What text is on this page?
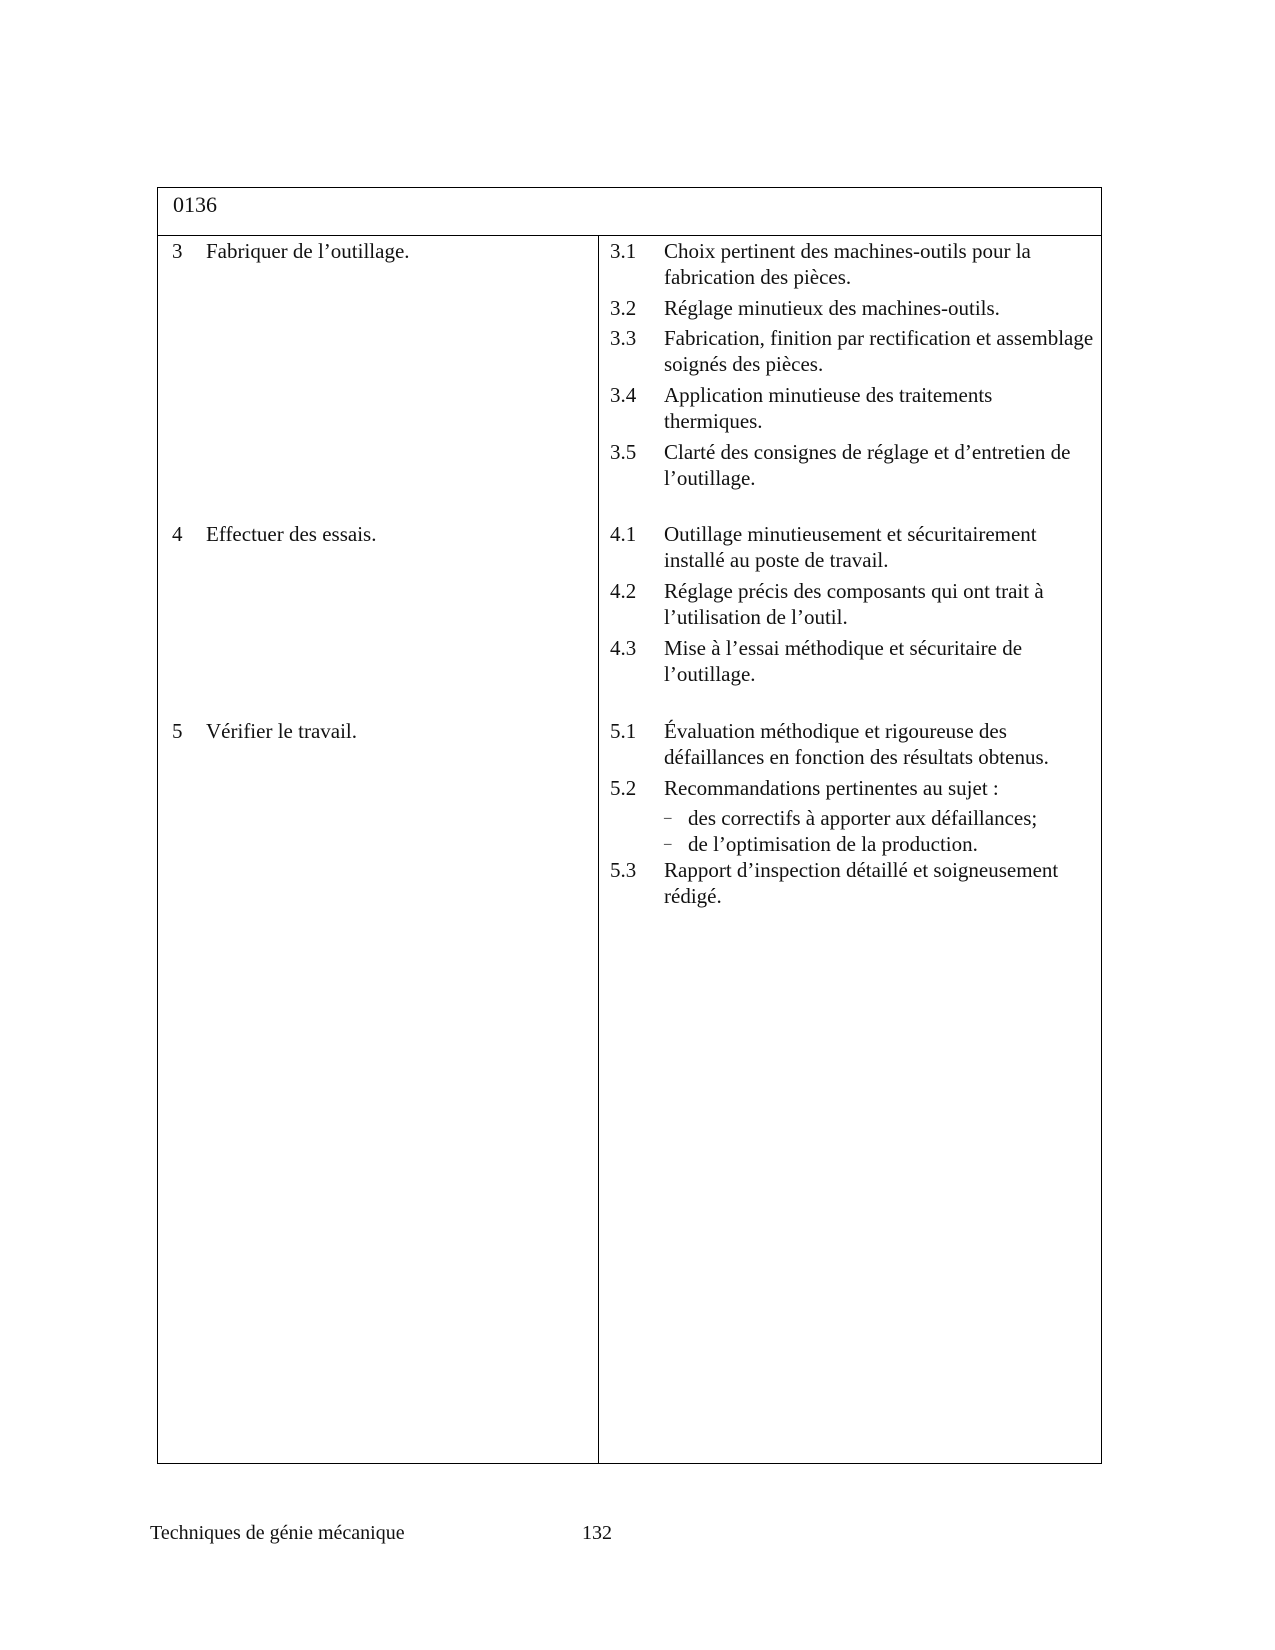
0136
3	Fabriquer de l’outillage.	3.1	Choix pertinent des machines-outils pour la fabrication des pièces.
3.2	Réglage minutieux des machines-outils.
3.3	Fabrication, finition par rectification et assemblage soignés des pièces.
3.4	Application minutieuse des traitements thermiques.
3.5	Clarté des consignes de réglage et d’entretien de l’outillage.
4	Effectuer des essais.	4.1	Outillage minutieusement et sécuritairement installé au poste de travail.
4.2	Réglage précis des composants qui ont trait à l’utilisation de l’outil.
4.3	Mise à l’essai méthodique et sécuritaire de l’outillage.
5	Vérifier le travail.	5.1	Évaluation méthodique et rigoureuse des défaillances en fonction des résultats obtenus.
5.2	Recommandations pertinentes au sujet :
– des correctifs à apporter aux défaillances;
– de l’optimisation de la production.
5.3	Rapport d’inspection détaillé et soigneusement rédigé.
Techniques de génie mécanique	132
